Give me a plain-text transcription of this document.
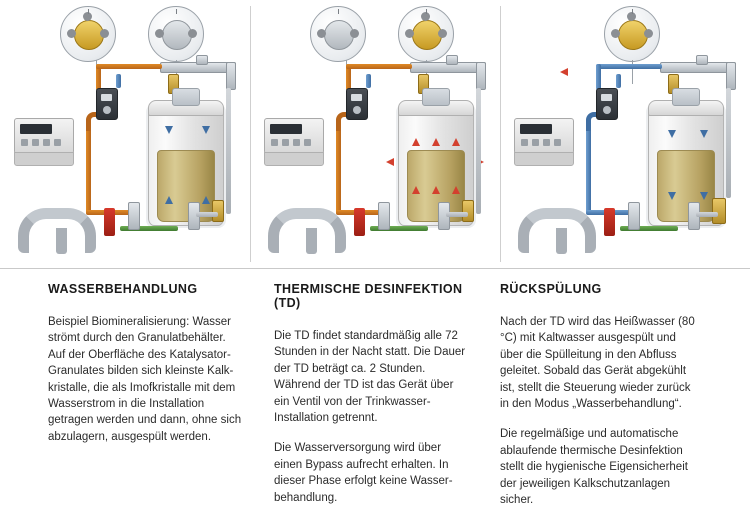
WASSERBEHANDLUNG

Beispiel Biomineralisierung: Wasser strömt durch den Granulatbehälter. Auf der Oberfläche des Katalysator-Granulates bilden sich kleinste Kalk-kristalle, die als Imofkristalle mit dem Wasserstrom in die Installation getragen werden und dann, ohne sich abzulagern, ausgespült werden.

THERMISCHE DESINFEKTION (TD)

Die TD findet standardmäßig alle 72 Stunden in der Nacht statt. Die Dauer der TD beträgt ca. 2 Stunden. Während der TD ist das Gerät über ein Ventil von der Trinkwasser-Installation getrennt.

Die Wasserversorgung wird über einen Bypass aufrecht erhalten. In dieser Phase erfolgt keine Wasser-behandlung.

RÜCKSPÜLUNG

Nach der TD wird das Heißwasser (80 °C) mit Kaltwasser ausgespült und über die Spülleitung in den Abfluss geleitet. Sobald das Gerät abgekühlt ist, stellt die Steuerung wieder zurück in den Modus „Wasserbehandlung“.

Die regelmäßige und automatische ablaufende thermische Desinfektion stellt die hygienische Eigensicherheit der jeweiligen Kalkschutzanlagen sicher.
